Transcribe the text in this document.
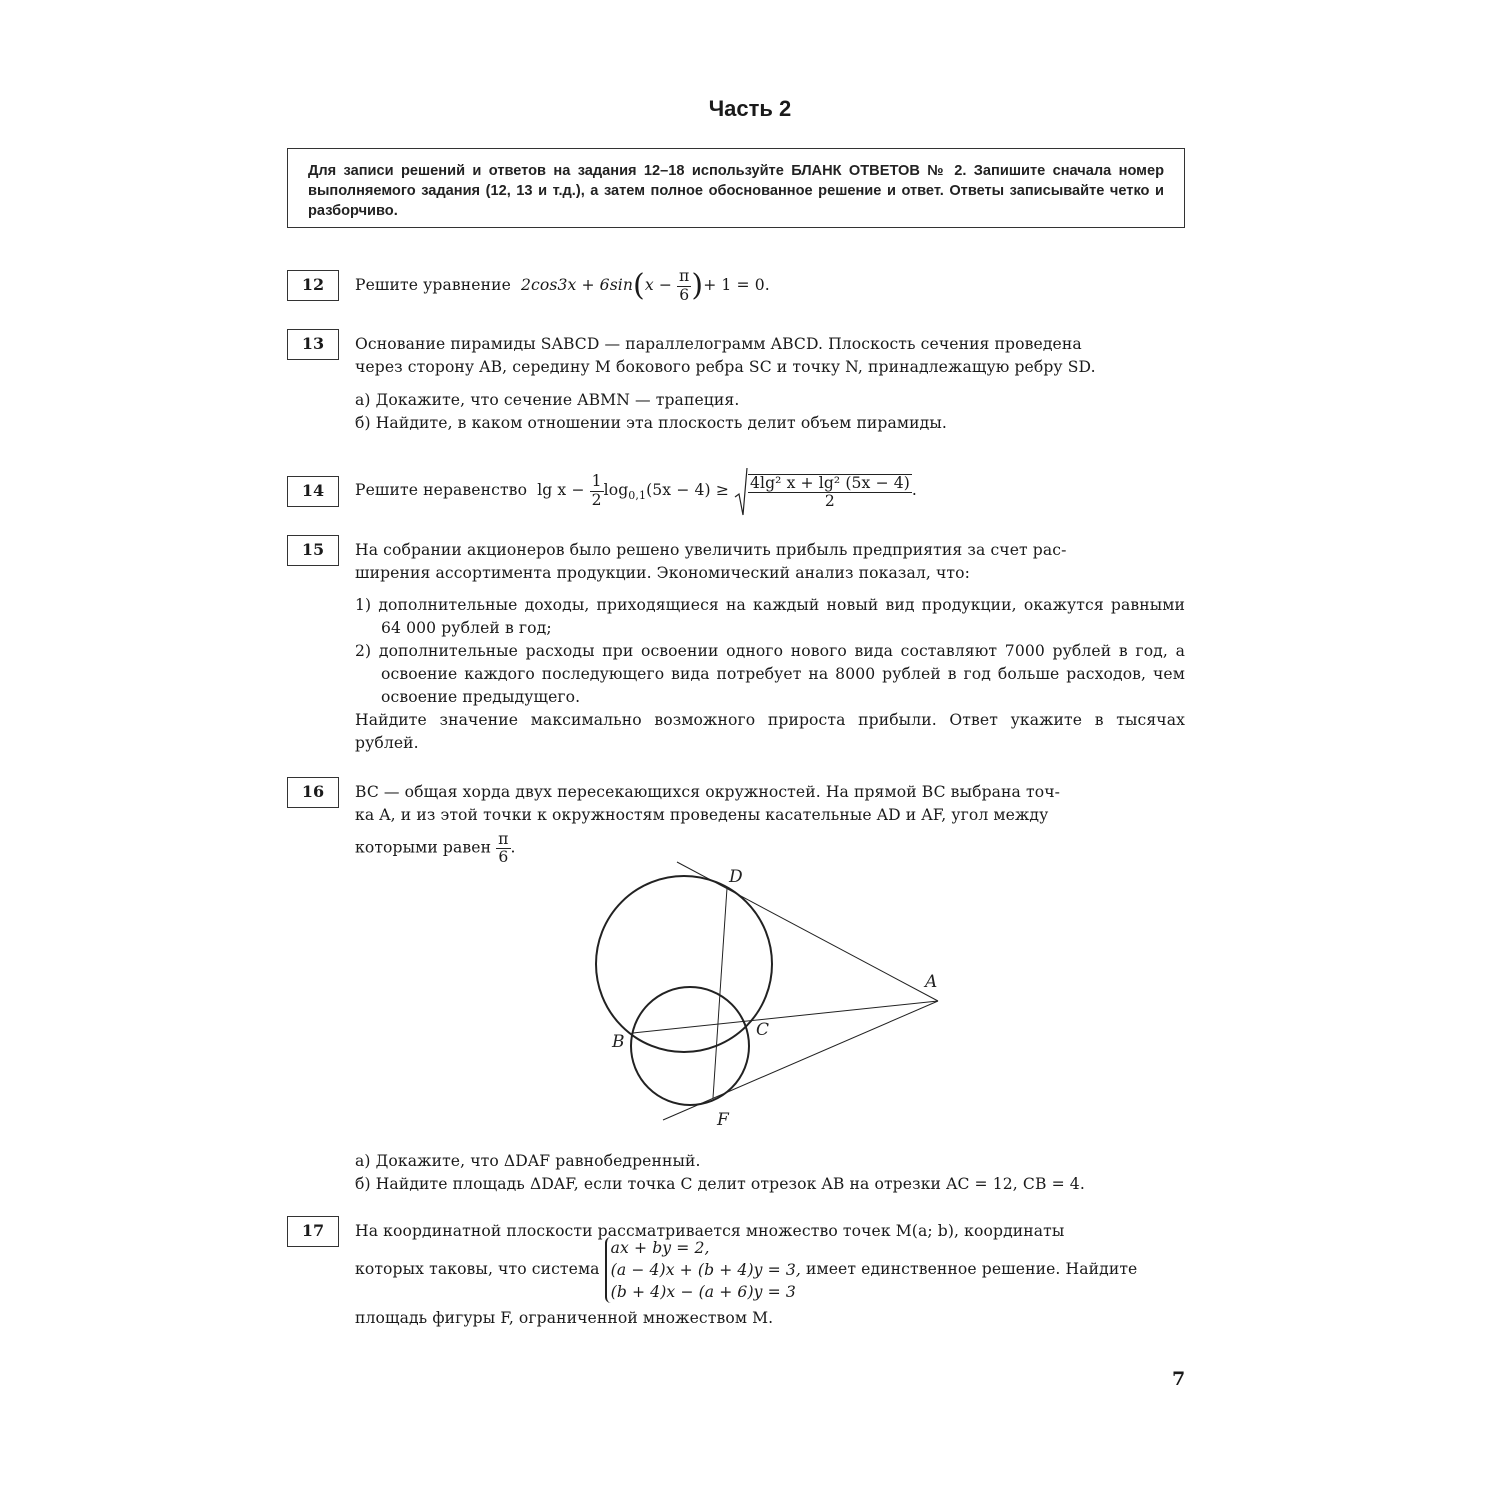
Часть 2
Для записи решений и ответов на задания 12–18 используйте БЛАНК ОТВЕТОВ № 2. Запишите сначала номер выполняемого задания (12, 13 и т.д.), а затем полное обоснованное решение и ответ. Ответы записывайте четко и разборчиво.
12	Решите уравнение $2\cos 3x + 6\sin(x - \frac{\pi}{6}$ )+ 1 = 0.
13	Основание пирамиды SABCD — параллелограмм ABCD. Плоскость сечения проведена
через сторону AB, середину M бокового ребра SC и точку N, принадлежащую ребру SD.
а) Докажите, что сечение ABMN — трапеция.
б) Найдите, в каком отношении эта плоскость делит объем пирамиды.
14	Решите неравенство $\lg x - \frac{1}{2} \log_{0,1}(5x - 4) \ge \frac{\text{4lg² x + lg² (5x − 4)}}{2}$ .
15	На собрании акционеров было решено увеличить прибыль предприятия за счет рас-
ширения ассортимента продукции. Экономический анализ показал, что:
1) дополнительные доходы, приходящиеся на каждый новый вид продукции, окажутся равными 64 000 рублей в год;
2) дополнительные расходы при освоении одного нового вида составляют 7000 рублей в год, а освоение каждого последующего вида потребует на 8000 рублей в год больше расходов, чем освоение предыдущего.
Найдите значение максимально возможного прироста прибыли. Ответ укажите в тысячах рублей.
16	BC — общая хорда двух пересекающихся окружностей. На прямой BC выбрана точ-
ка A, и из этой точки к окружностям проведены касательные AD и AF, угол между
которыми равен $\frac{\pi}{6}$ .
D
A
B
C
F
а) Докажите, что ΔDAF равнобедренный.
б) Найдите площадь ΔDAF, если точка C делит отрезок AB на отрезки AC = 12, CB = 4.
17	На координатной плоскости рассматривается множество точек M(a; b), координаты
которых таковы, что система
ax + by = 2,
(a − 4)x + (b + 4)y = 3,
(b + 4)x − (a + 6)y = 3
имеет единственное решение. Найдите
площадь фигуры F, ограниченной множеством M.
7
